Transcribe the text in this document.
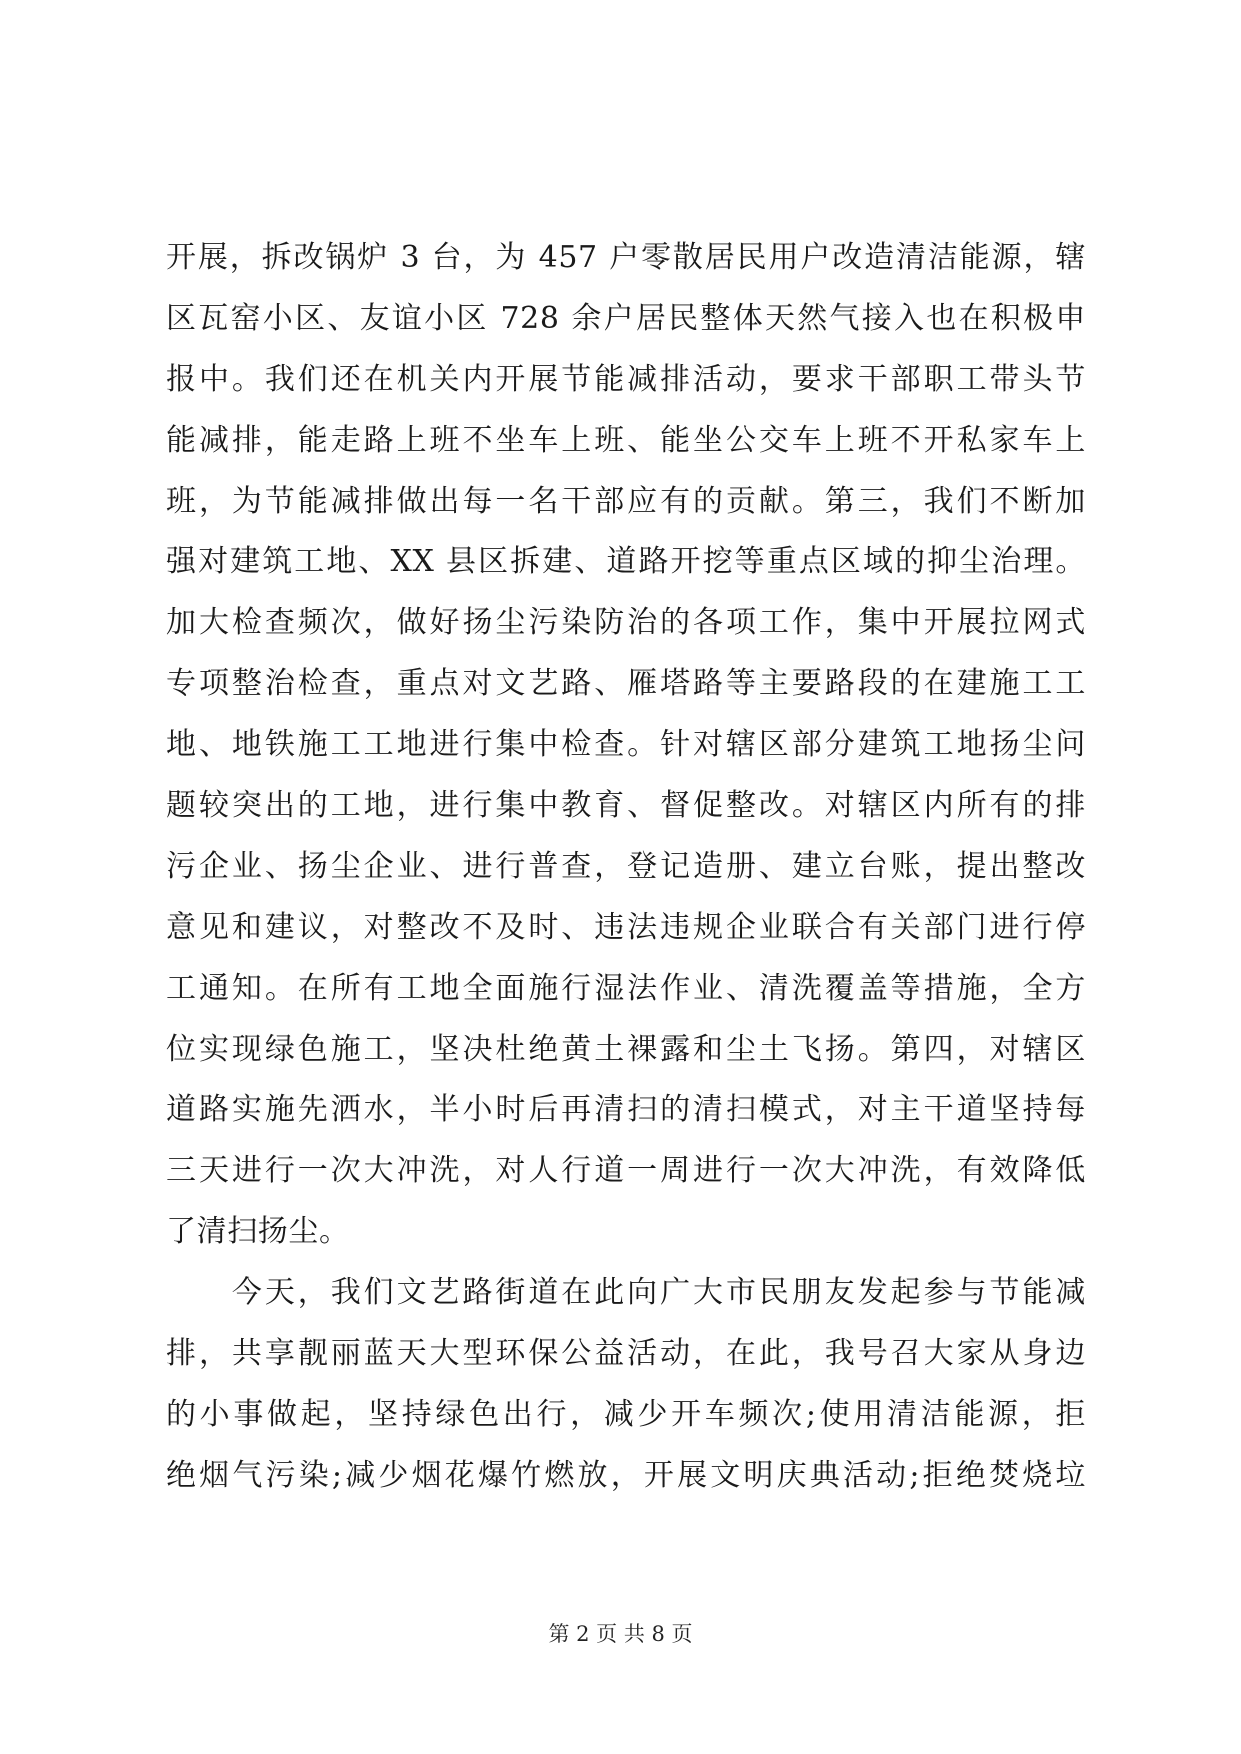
开展，拆改锅炉 3 台，为 457 户零散居民用户改造清洁能源，辖
区瓦窑小区、友谊小区 728 余户居民整体天然气接入也在积极申
报中。我们还在机关内开展节能减排活动，要求干部职工带头节
能减排，能走路上班不坐车上班、能坐公交车上班不开私家车上
班，为节能减排做出每一名干部应有的贡献。第三，我们不断加
强对建筑工地、XX 县区拆建、道路开挖等重点区域的抑尘治理。
加大检查频次，做好扬尘污染防治的各项工作，集中开展拉网式
专项整治检查，重点对文艺路、雁塔路等主要路段的在建施工工
地、地铁施工工地进行集中检查。针对辖区部分建筑工地扬尘问
题较突出的工地，进行集中教育、督促整改。对辖区内所有的排
污企业、扬尘企业、进行普查，登记造册、建立台账，提出整改
意见和建议，对整改不及时、违法违规企业联合有关部门进行停
工通知。在所有工地全面施行湿法作业、清洗覆盖等措施，全方
位实现绿色施工，坚决杜绝黄土裸露和尘土飞扬。第四，对辖区
道路实施先洒水，半小时后再清扫的清扫模式，对主干道坚持每
三天进行一次大冲洗，对人行道一周进行一次大冲洗，有效降低
了清扫扬尘。
　　今天，我们文艺路街道在此向广大市民朋友发起参与节能减
排，共享靓丽蓝天大型环保公益活动，在此，我号召大家从身边
的小事做起，坚持绿色出行，减少开车频次;使用清洁能源，拒
绝烟气污染;减少烟花爆竹燃放，开展文明庆典活动;拒绝焚烧垃
第 2 页 共 8 页
